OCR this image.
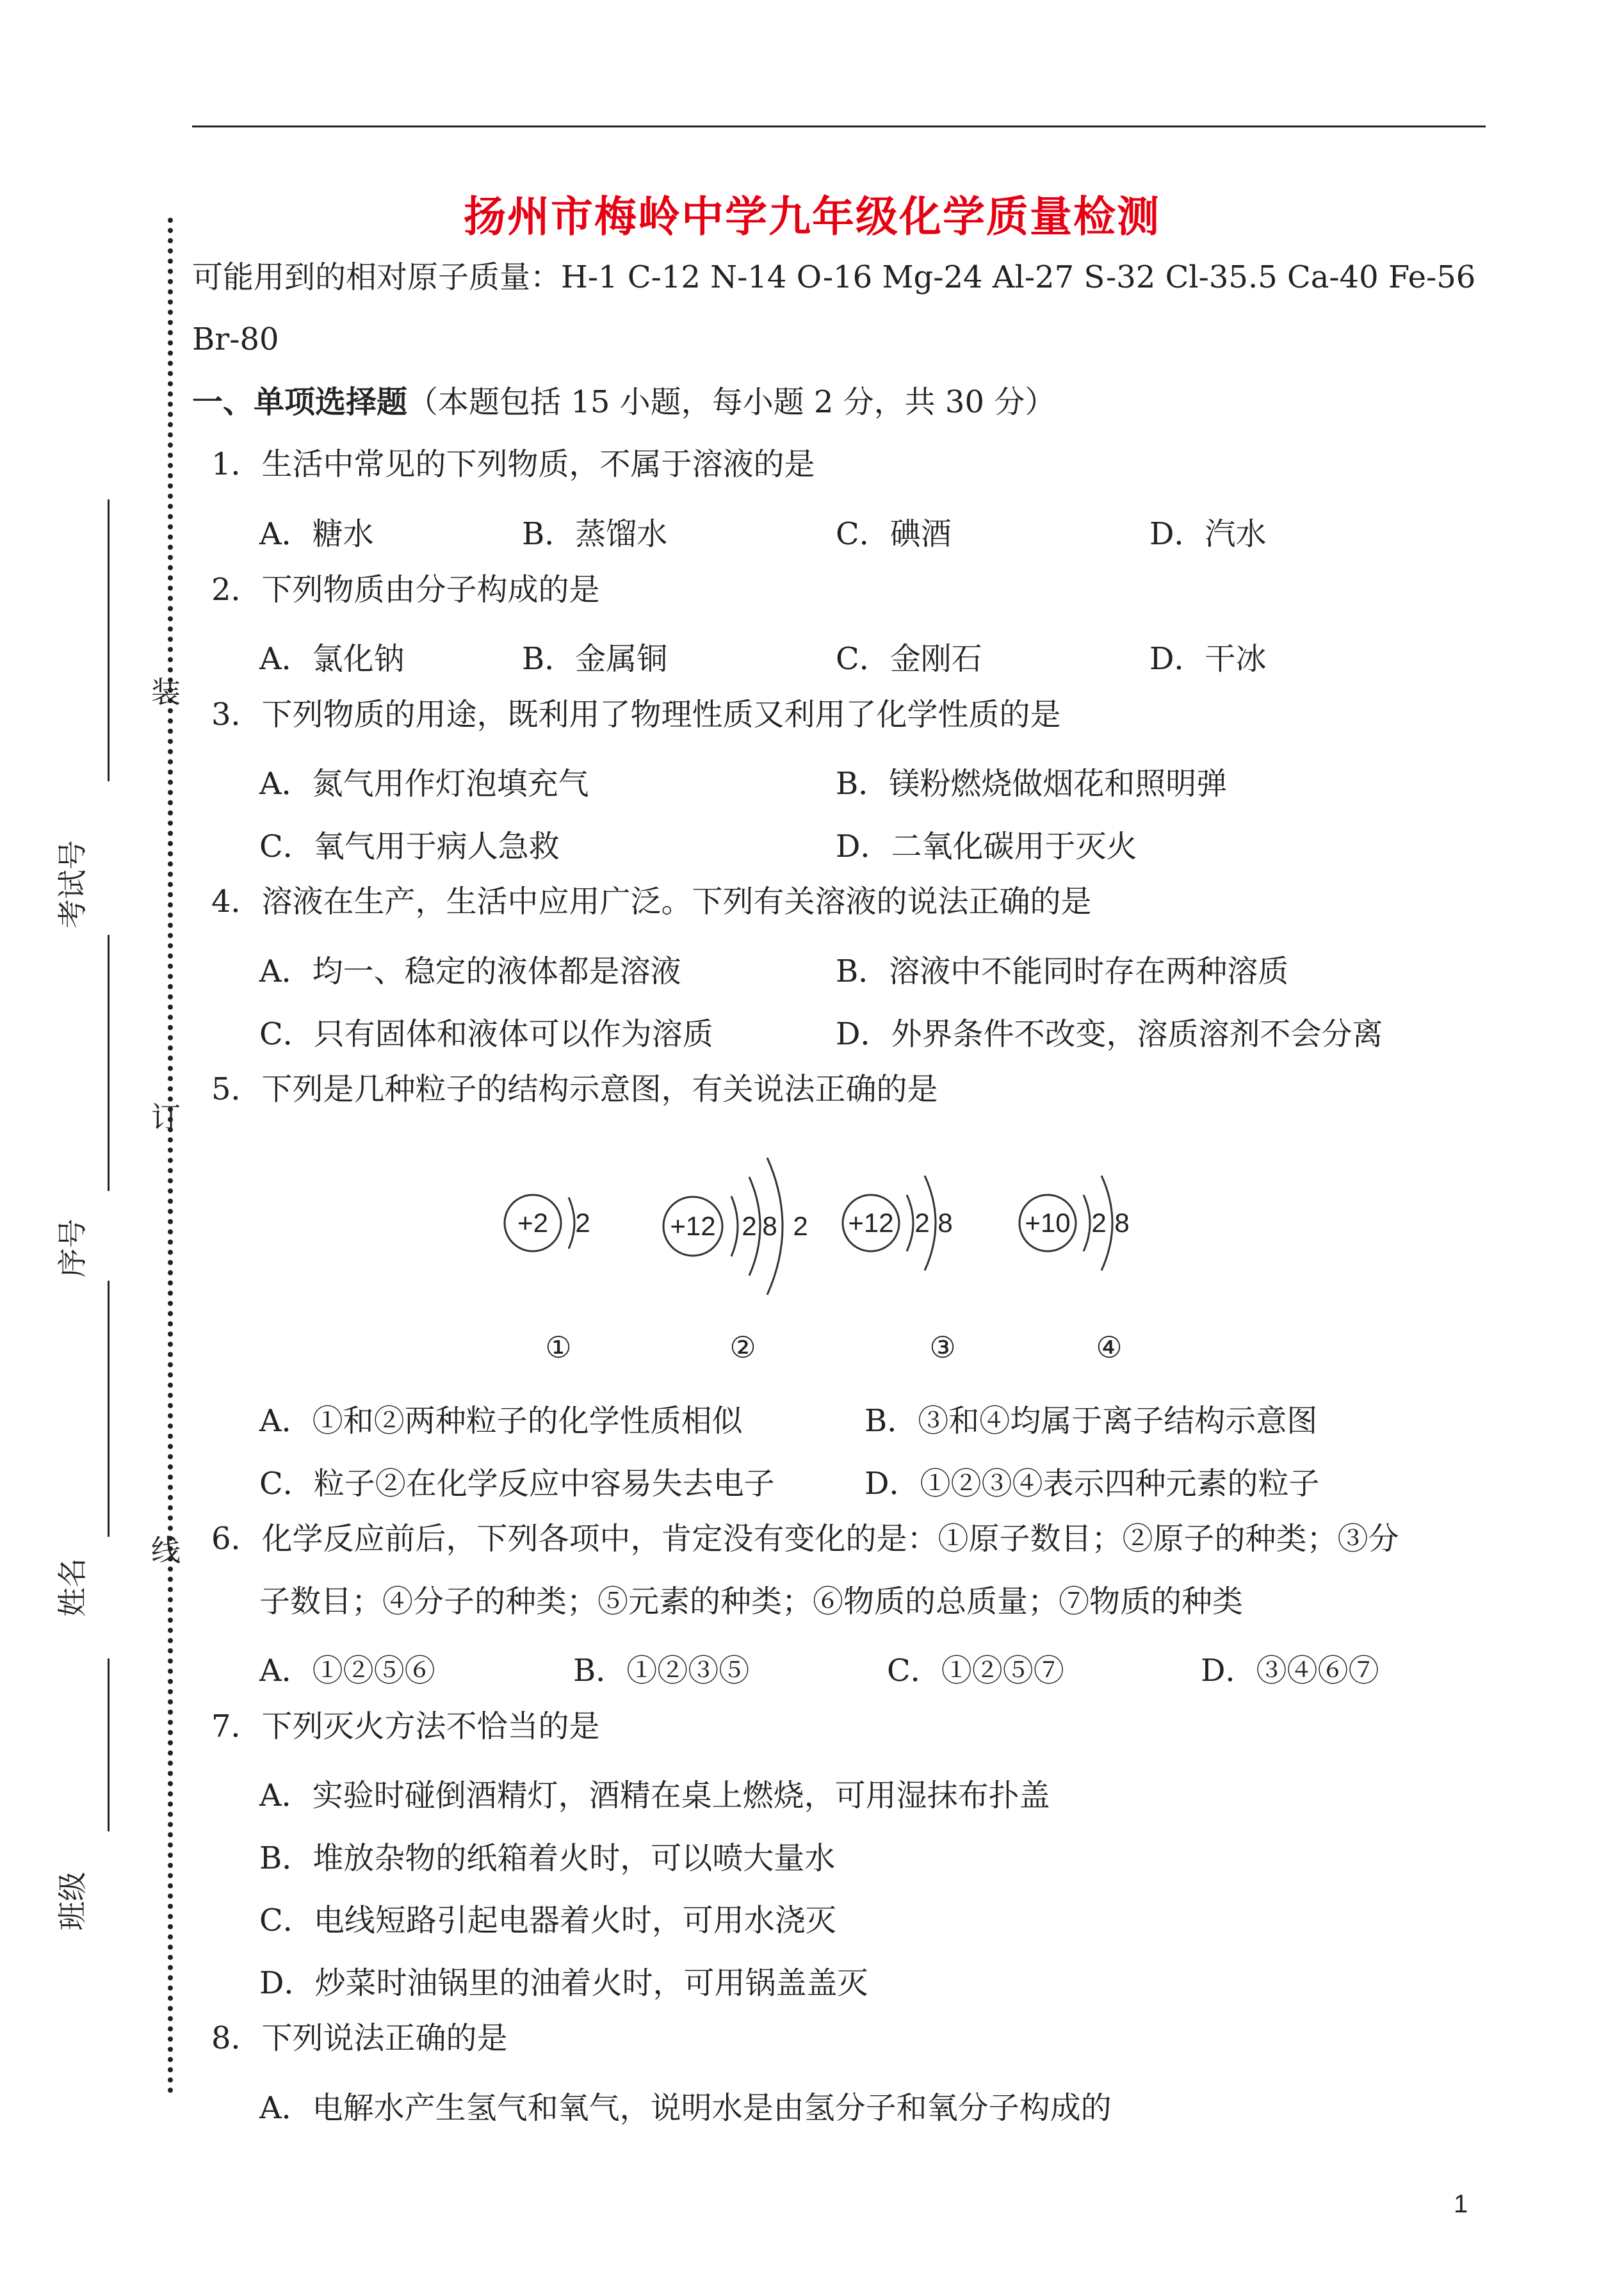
扬州市梅岭中学九年级化学质量检测
装
订
线
考试号
序号
姓名
班级
可能用到的相对原子质量：H-1 C-12 N-14 O-16 Mg-24 Al-27 S-32 Cl-35.5 Ca-40 Fe-56
Br-80
一、单项选择题（本题包括 15 小题，每小题 2 分，共 30 分）
1．生活中常见的下列物质，不属于溶液的是
A．糖水	B．蒸馏水	C．碘酒	D．汽水
2．下列物质由分子构成的是
A．氯化钠	B．金属铜	C．金刚石	D．干冰
3．下列物质的用途，既利用了物理性质又利用了化学性质的是
A．氮气用作灯泡填充气	B．镁粉燃烧做烟花和照明弹
C．氧气用于病人急救	D．二氧化碳用于灭火
4．溶液在生产，生活中应用广泛。下列有关溶液的说法正确的是
A．均一、稳定的液体都是溶液	B．溶液中不能同时存在两种溶质
C．只有固体和液体可以作为溶质	D．外界条件不改变，溶质溶剂不会分离
5．下列是几种粒子的结构示意图，有关说法正确的是
+2 2	+12 2 8 2 +12 2 8	+10 2 8
①	②	③	④
A．①和②两种粒子的化学性质相似	B．③和④均属于离子结构示意图
C．粒子②在化学反应中容易失去电子	D．①②③④表示四种元素的粒子
6．化学反应前后，下列各项中，肯定没有变化的是：①原子数目；②原子的种类；③分
子数目；④分子的种类；⑤元素的种类；⑥物质的总质量；⑦物质的种类
A．①②⑤⑥	B．①②③⑤	C．①②⑤⑦	D．③④⑥⑦
7．下列灭火方法不恰当的是
A．实验时碰倒酒精灯，酒精在桌上燃烧，可用湿抹布扑盖
B．堆放杂物的纸箱着火时，可以喷大量水
C．电线短路引起电器着火时，可用水浇灭
D．炒菜时油锅里的油着火时，可用锅盖盖灭
8．下列说法正确的是
A．电解水产生氢气和氧气，说明水是由氢分子和氧分子构成的
1
